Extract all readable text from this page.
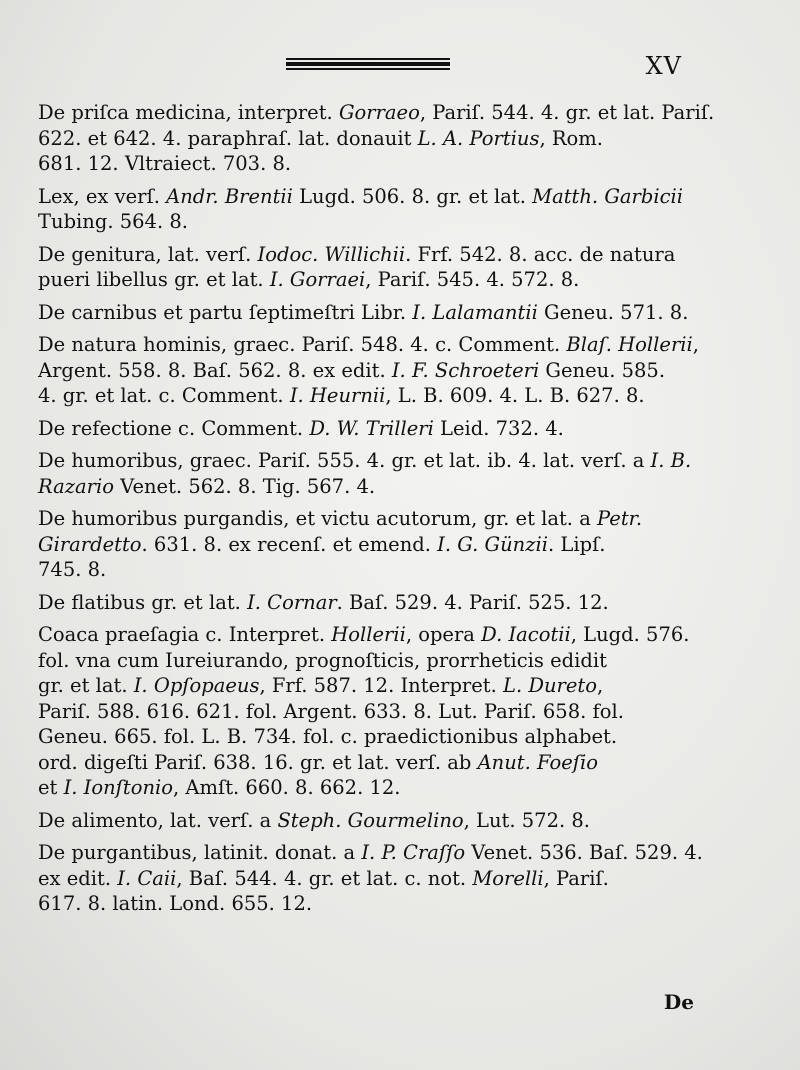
XV
De priſca medicina, interpret. Gorraeo, Pariſ. 544. 4. gr. et lat. Pariſ.
622. et 642. 4. paraphraſ. lat. donauit L. A. Portius, Rom.
681. 12. Vltraiect. 703. 8.
Lex, ex verſ. Andr. Brentii Lugd. 506. 8. gr. et lat. Matth. Garbicii
Tubing. 564. 8.
De genitura, lat. verſ. Iodoc. Willichii. Frf. 542. 8. acc. de natura
pueri libellus gr. et lat. I. Gorraei, Pariſ. 545. 4. 572. 8.
De carnibus et partu ſeptimeſtri Libr. I. Lalamantii Geneu. 571. 8.
De natura hominis, graec. Pariſ. 548. 4. c. Comment. Blaſ. Hollerii,
Argent. 558. 8. Baſ. 562. 8. ex edit. I. F. Schroeteri Geneu. 585.
4. gr. et lat. c. Comment. I. Heurnii, L. B. 609. 4. L. B. 627. 8.
De refectione c. Comment. D. W. Trilleri Leid. 732. 4.
De humoribus, graec. Pariſ. 555. 4. gr. et lat. ib. 4. lat. verſ. a I. B.
Razario Venet. 562. 8. Tig. 567. 4.
De humoribus purgandis, et victu acutorum, gr. et lat. a Petr.
Girardetto. 631. 8. ex recenſ. et emend. I. G. Günzii. Lipſ.
745. 8.
De flatibus gr. et lat. I. Cornar. Baſ. 529. 4. Pariſ. 525. 12.
Coaca praeſagia c. Interpret. Hollerii, opera D. Iacotii, Lugd. 576.
fol. vna cum Iureiurando, prognoſticis, prorrheticis edidit
gr. et lat. I. Opſopaeus, Frf. 587. 12. Interpret. L. Dureto,
Pariſ. 588. 616. 621. fol. Argent. 633. 8. Lut. Pariſ. 658. fol.
Geneu. 665. fol. L. B. 734. fol. c. praedictionibus alphabet.
ord. digeſti Pariſ. 638. 16. gr. et lat. verſ. ab Anut. Foeſio
et I. Ionſtonio, Amſt. 660. 8. 662. 12.
De alimento, lat. verſ. a Steph. Gourmelino, Lut. 572. 8.
De purgantibus, latinit. donat. a I. P. Craſſo Venet. 536. Baſ. 529. 4.
ex edit. I. Caii, Baſ. 544. 4. gr. et lat. c. not. Morelli, Pariſ.
617. 8. latin. Lond. 655. 12.
De
